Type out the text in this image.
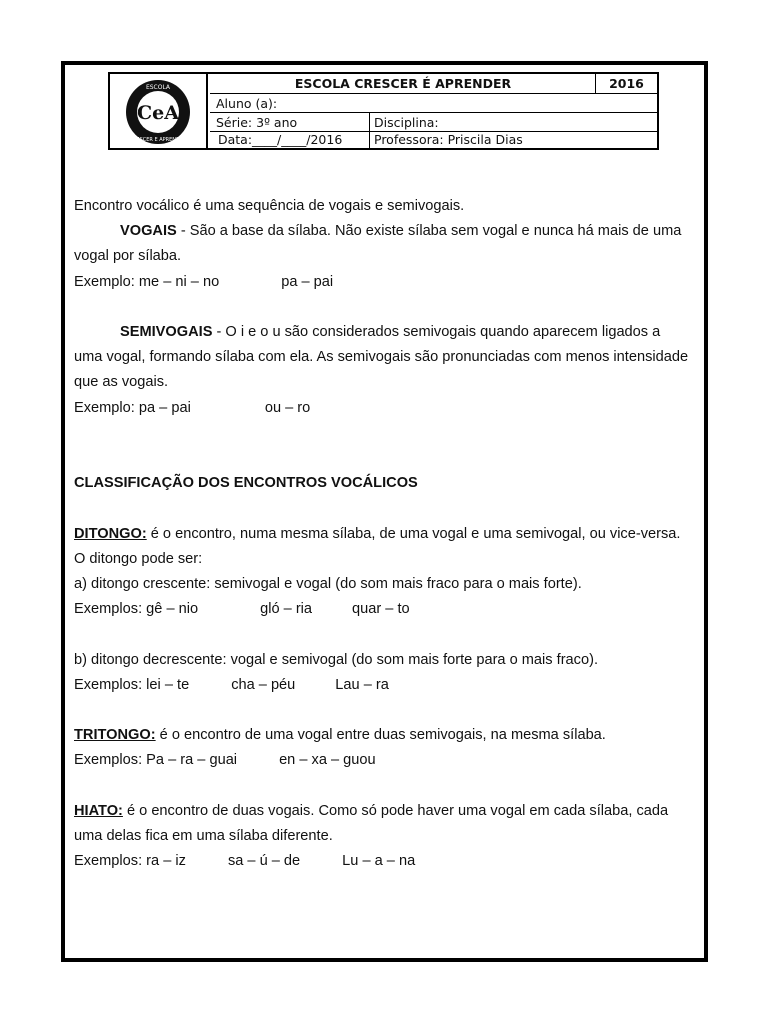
CeA
ESCOLA
CRESCER E APRENDER
ESCOLA CRESCER É APRENDER	2016
Aluno (a):
Série: 3º ano	Disciplina:
Data:____/____/2016	Professora: Priscila Dias

Encontro vocálico é uma sequência de vogais e semivogais.

VOGAIS - São a base da sílaba. Não existe sílaba sem vogal e nunca há mais de uma vogal por sílaba.

Exemplo: me – ni – no	pa – pai

SEMIVOGAIS - O i e o u são considerados semivogais quando aparecem ligados a uma vogal, formando sílaba com ela. As semivogais são pronunciadas com menos intensidade que as vogais.

Exemplo: pa – pai	ou – ro

CLASSIFICAÇÃO DOS ENCONTROS VOCÁLICOS

DITONGO: é o encontro, numa mesma sílaba, de uma vogal e uma semivogal, ou vice-versa. O ditongo pode ser:

a) ditongo crescente: semivogal e vogal (do som mais fraco para o mais forte).

Exemplos: gê – nio	gló – ria	quar – to

b) ditongo decrescente: vogal e semivogal (do som mais forte para o mais fraco).

Exemplos: lei – te	cha – péu	Lau – ra

TRITONGO: é o encontro de uma vogal entre duas semivogais, na mesma sílaba.

Exemplos: Pa – ra – guai	en – xa – guou

HIATO: é o encontro de duas vogais. Como só pode haver uma vogal em cada sílaba, cada uma delas fica em uma sílaba diferente.

Exemplos: ra – iz	sa – ú – de	Lu – a – na
